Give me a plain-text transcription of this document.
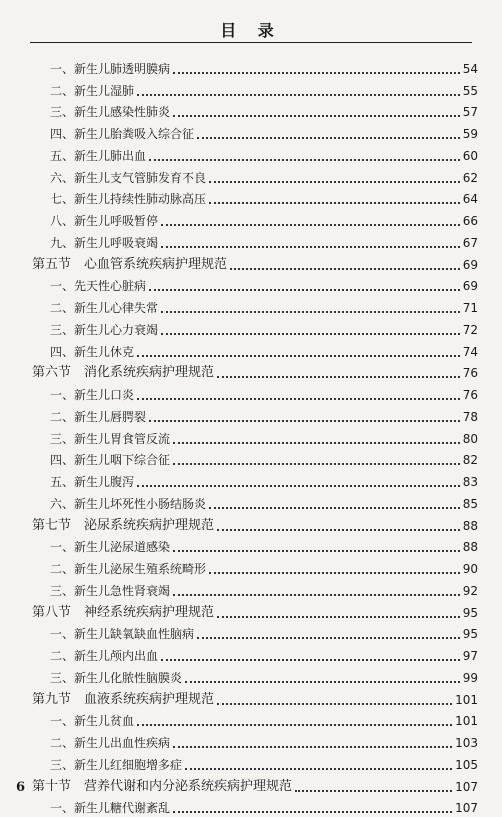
目 录
一、新生儿肺透明膜病	54
二、新生儿湿肺	55
三、新生儿感染性肺炎	57
四、新生儿胎粪吸入综合征	59
五、新生儿肺出血	60
六、新生儿支气管肺发育不良	62
七、新生儿持续性肺动脉高压	64
八、新生儿呼吸暂停	66
九、新生儿呼吸衰竭	67
第五节　心血管系统疾病护理规范	69
一、先天性心脏病	69
二、新生儿心律失常	71
三、新生儿心力衰竭	72
四、新生儿休克	74
第六节　消化系统疾病护理规范	76
一、新生儿口炎	76
二、新生儿唇腭裂	78
三、新生儿胃食管反流	80
四、新生儿咽下综合征	82
五、新生儿腹泻	83
六、新生儿坏死性小肠结肠炎	85
第七节　泌尿系统疾病护理规范	88
一、新生儿泌尿道感染	88
二、新生儿泌尿生殖系统畸形	90
三、新生儿急性肾衰竭	92
第八节　神经系统疾病护理规范	95
一、新生儿缺氧缺血性脑病	95
二、新生儿颅内出血	97
三、新生儿化脓性脑膜炎	99
第九节　血液系统疾病护理规范	101
一、新生儿贫血	101
二、新生儿出血性疾病	103
三、新生儿红细胞增多症	105
第十节　营养代谢和内分泌系统疾病护理规范	107
一、新生儿糖代谢紊乱	107
6
